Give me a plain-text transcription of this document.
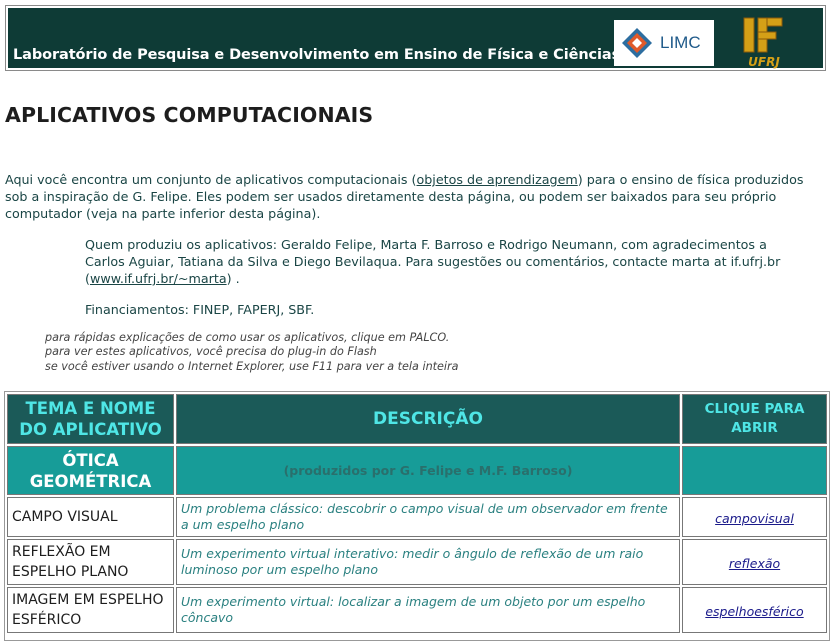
LIMC
UFRJ
Laboratório de Pesquisa e Desenvolvimento em Ensino de Física e Ciências
APLICATIVOS COMPUTACIONAIS

Aqui você encontra um conjunto de aplicativos computacionais (objetos de aprendizagem) para o ensino de física produzidos sob a inspiração de G. Felipe. Eles podem ser usados diretamente desta página, ou podem ser baixados para seu próprio computador (veja na parte inferior desta página).

Quem produziu os aplicativos: Geraldo Felipe, Marta F. Barroso e Rodrigo Neumann, com agradecimentos a Carlos Aguiar, Tatiana da Silva e Diego Bevilaqua. Para sugestões ou comentários, contacte marta at if.ufrj.br (www.if.ufrj.br/~marta) .

Financiamentos: FINEP, FAPERJ, SBF.

para rápidas explicações de como usar os aplicativos, clique em PALCO.
para ver estes aplicativos, você precisa do plug-in do Flash
se você estiver usando o Internet Explorer, use F11 para ver a tela inteira

TEMA E NOME DO APLICATIVO	DESCRIÇÃO	CLIQUE PARA ABRIR
ÓTICA GEOMÉTRICA	(produzidos por G. Felipe e M.F. Barroso)	
CAMPO VISUAL	Um problema clássico: descobrir o campo visual de um observador em frente a um espelho plano	campovisual
REFLEXÃO EM ESPELHO PLANO	Um experimento virtual interativo: medir o ângulo de reflexão de um raio luminoso por um espelho plano	reflexão
IMAGEM EM ESPELHO ESFÉRICO	Um experimento virtual: localizar a imagem de um objeto por um espelho côncavo	espelhoesférico
